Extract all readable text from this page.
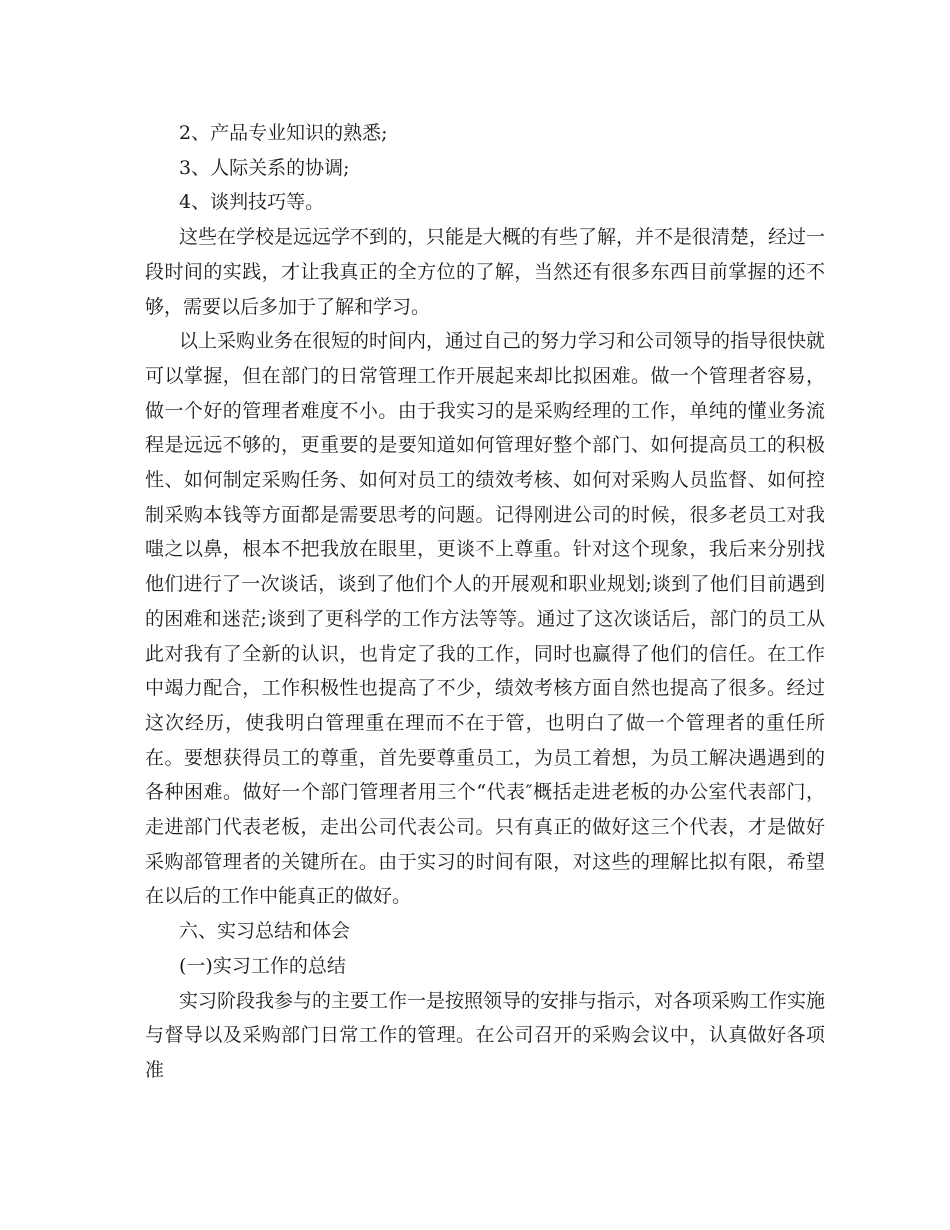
2、产品专业知识的熟悉;

3、人际关系的协调;

4、谈判技巧等。

这些在学校是远远学不到的，只能是大概的有些了解，并不是很清楚，经过一段时间的实践，才让我真正的全方位的了解，当然还有很多东西目前掌握的还不够，需要以后多加于了解和学习。

以上采购业务在很短的时间内，通过自己的努力学习和公司领导的指导很快就可以掌握，但在部门的日常管理工作开展起来却比拟困难。做一个管理者容易，做一个好的管理者难度不小。由于我实习的是采购经理的工作，单纯的懂业务流程是远远不够的，更重要的是要知道如何管理好整个部门、如何提高员工的积极性、如何制定采购任务、如何对员工的绩效考核、如何对采购人员监督、如何控制采购本钱等方面都是需要思考的问题。记得刚进公司的时候，很多老员工对我嗤之以鼻，根本不把我放在眼里，更谈不上尊重。针对这个现象，我后来分别找他们进行了一次谈话，谈到了他们个人的开展观和职业规划;谈到了他们目前遇到的困难和迷茫;谈到了更科学的工作方法等等。通过了这次谈话后，部门的员工从此对我有了全新的认识，也肯定了我的工作，同时也赢得了他们的信任。在工作中竭力配合，工作积极性也提高了不少，绩效考核方面自然也提高了很多。经过这次经历，使我明白管理重在理而不在于管，也明白了做一个管理者的重任所在。要想获得员工的尊重，首先要尊重员工，为员工着想，为员工解决遇遇到的各种困难。做好一个部门管理者用三个“代表″概括走进老板的办公室代表部门，走进部门代表老板，走出公司代表公司。只有真正的做好这三个代表，才是做好采购部管理者的关键所在。由于实习的时间有限，对这些的理解比拟有限，希望在以后的工作中能真正的做好。

六、实习总结和体会

(一)实习工作的总结

实习阶段我参与的主要工作一是按照领导的安排与指示，对各项采购工作实施与督导以及采购部门日常工作的管理。在公司召开的采购会议中，认真做好各项准
